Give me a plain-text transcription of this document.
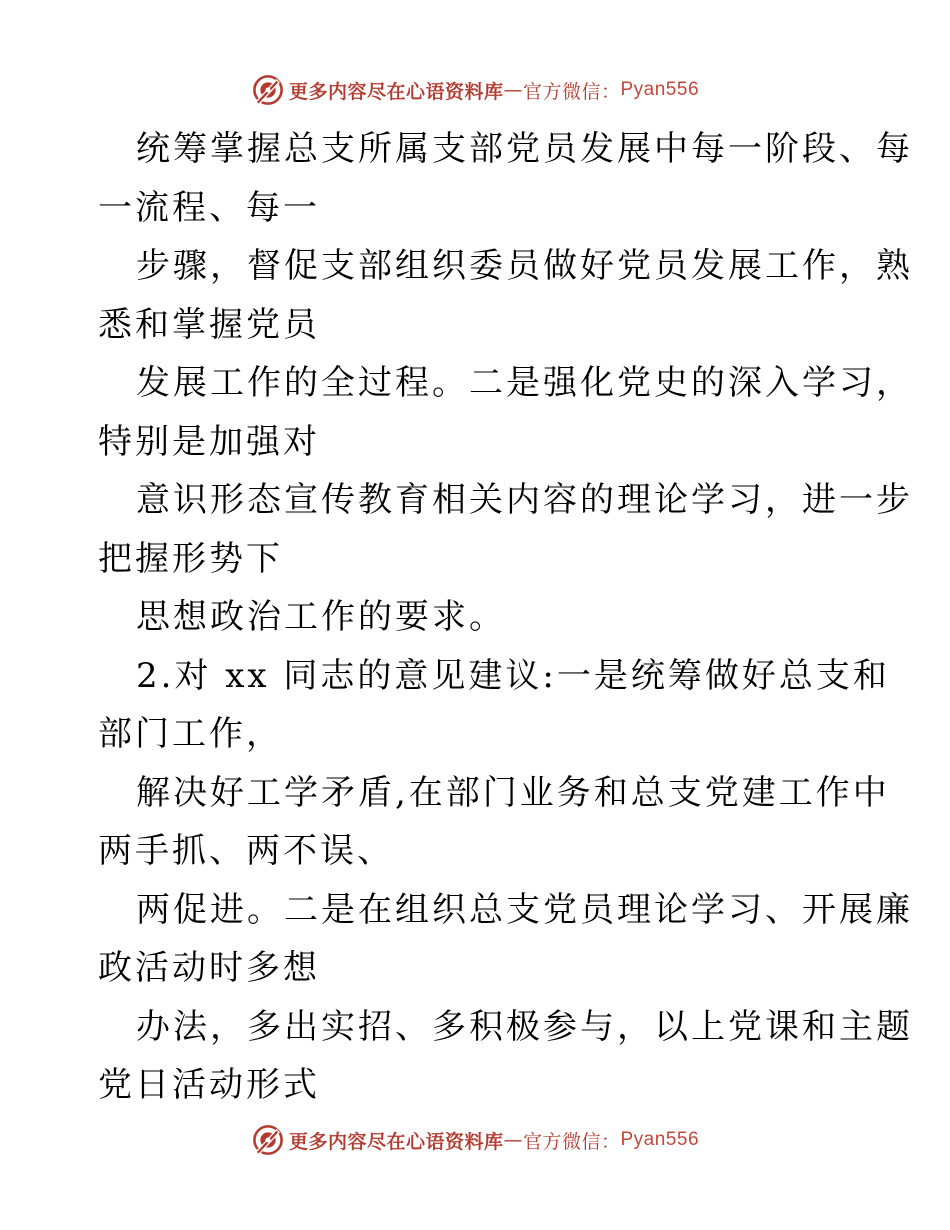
更多内容尽在心语资料库 — 官方微信： Pyan556
统筹掌握总支所属支部党员发展中每一阶段、每
一流程、每一
步骤，督促支部组织委员做好党员发展工作，熟
悉和掌握党员
发展工作的全过程。二是强化党史的深入学习，
特别是加强对
意识形态宣传教育相关内容的理论学习，进一步
把握形势下
思想政治工作的要求。
2.对 xx 同志的意见建议:一是统筹做好总支和
部门工作，
解决好工学矛盾,在部门业务和总支党建工作中
两手抓、两不误、
两促进。二是在组织总支党员理论学习、开展廉
政活动时多想
办法，多出实招、多积极参与，以上党课和主题
党日活动形式
更多内容尽在心语资料库 — 官方微信： Pyan556
